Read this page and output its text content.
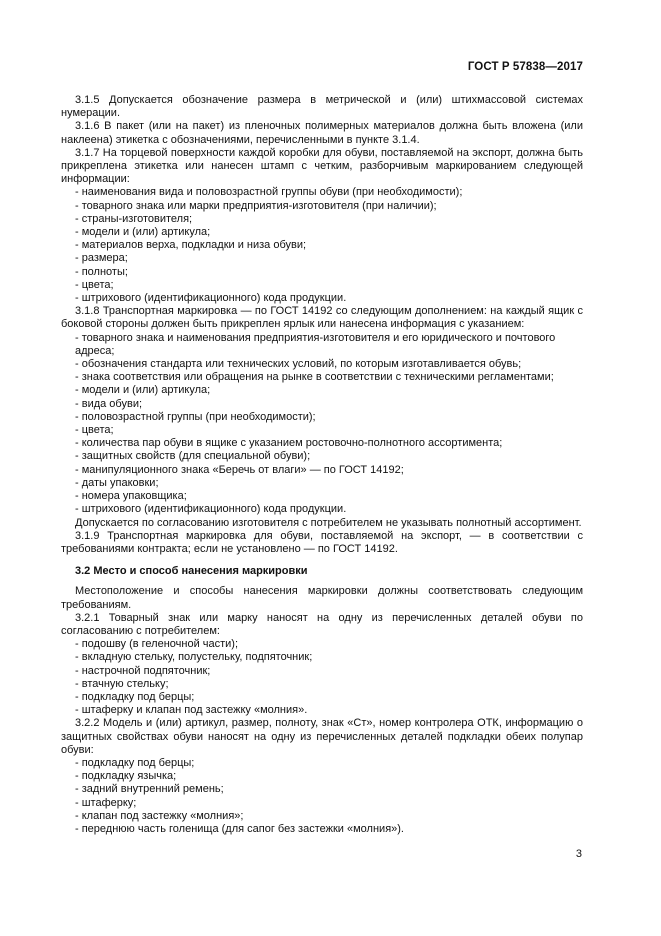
ГОСТ Р 57838—2017

3.1.5 Допускается обозначение размера в метрической и (или) штихмассовой системах нумерации.

3.1.6 В пакет (или на пакет) из пленочных полимерных материалов должна быть вложена (или наклеена) этикетка с обозначениями, перечисленными в пункте 3.1.4.

3.1.7 На торцевой поверхности каждой коробки для обуви, поставляемой на экспорт, должна быть прикреплена этикетка или нанесен штамп с четким, разборчивым маркированием следующей информации:

- наименования вида и половозрастной группы обуви (при необходимости);

- товарного знака или марки предприятия-изготовителя (при наличии);

- страны-изготовителя;

- модели и (или) артикула;

- материалов верха, подкладки и низа обуви;

- размера;

- полноты;

- цвета;

- штрихового (идентификационного) кода продукции.

3.1.8 Транспортная маркировка — по ГОСТ 14192 со следующим дополнением: на каждый ящик с боковой стороны должен быть прикреплен ярлык или нанесена информация с указанием:

- товарного знака и наименования предприятия-изготовителя и его юридического и почтового адреса;

- обозначения стандарта или технических условий, по которым изготавливается обувь;

- знака соответствия или обращения на рынке в соответствии с техническими регламентами;

- модели и (или) артикула;

- вида обуви;

- половозрастной группы (при необходимости);

- цвета;

- количества пар обуви в ящике с указанием ростовочно-полнотного ассортимента;

- защитных свойств (для специальной обуви);

- манипуляционного знака «Беречь от влаги» — по ГОСТ 14192;

- даты упаковки;

- номера упаковщика;

- штрихового (идентификационного) кода продукции.

Допускается по согласованию изготовителя с потребителем не указывать полнотный ассортимент.

3.1.9 Транспортная маркировка для обуви, поставляемой на экспорт, — в соответствии с требованиями контракта; если не установлено — по ГОСТ 14192.

3.2 Место и способ нанесения маркировки

Местоположение и способы нанесения маркировки должны соответствовать следующим требованиям.

3.2.1 Товарный знак или марку наносят на одну из перечисленных деталей обуви по согласованию с потребителем:

- подошву (в геленочной части);

- вкладную стельку, полустельку, подпяточник;

- настрочной подпяточник;

- втачную стельку;

- подкладку под берцы;

- штаферку и клапан под застежку «молния».

3.2.2 Модель и (или) артикул, размер, полноту, знак «Ст», номер контролера ОТК, информацию о защитных свойствах обуви наносят на одну из перечисленных деталей подкладки обеих полупар обуви:

- подкладку под берцы;

- подкладку язычка;

- задний внутренний ремень;

- штаферку;

- клапан под застежку «молния»;

- переднюю часть голенища (для сапог без застежки «молния»).

3
